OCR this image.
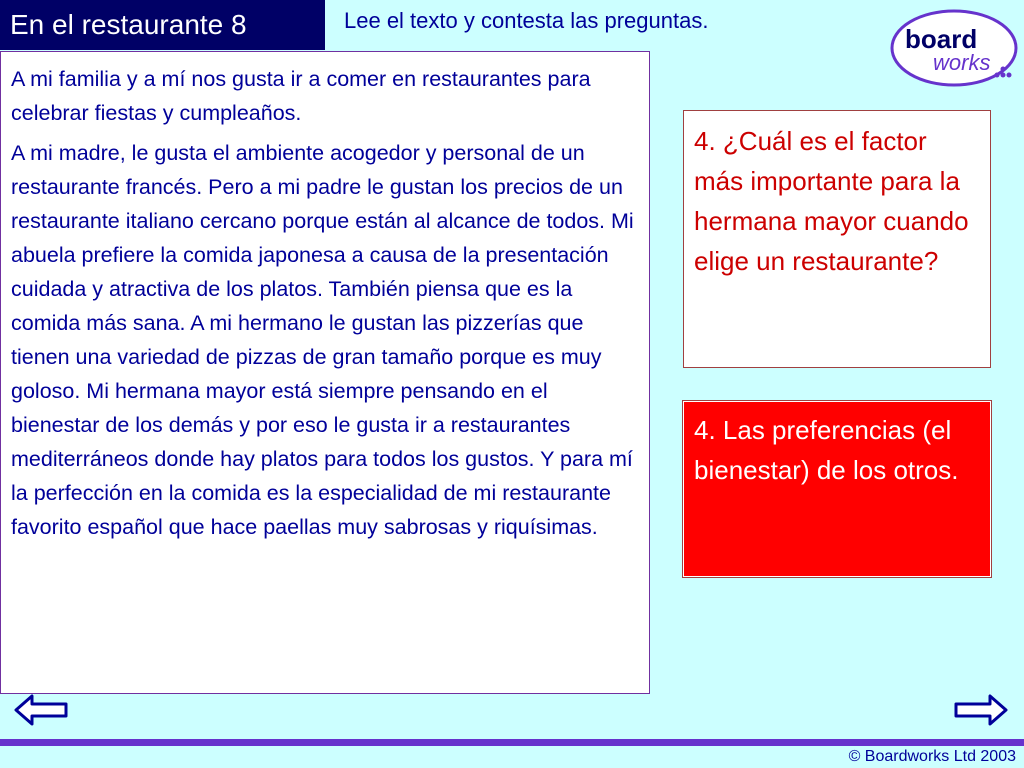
En el restaurante 8	Lee el texto y contesta las preguntas.
board
works

A mi familia y a mí nos gusta ir a comer en restaurantes para celebrar fiestas y cumpleaños.

A mi madre, le gusta el ambiente acogedor y personal de un restaurante francés. Pero a mi padre le gustan los precios de un restaurante italiano cercano porque están al alcance de todos. Mi abuela prefiere la comida japonesa a causa de la presentación cuidada y atractiva de los platos. También piensa que es la comida más sana. A mi hermano le gustan las pizzerías que tienen una variedad de pizzas de gran tamaño porque es muy goloso. Mi hermana mayor está siempre pensando en el bienestar de los demás y por eso le gusta ir a restaurantes mediterráneos donde hay platos para todos los gustos. Y para mí la perfección en la comida es la especialidad de mi restaurante favorito español que hace paellas muy sabrosas y riquísimas.

4. ¿Cuál es el factor más importante para la hermana mayor cuando elige un restaurante?
4. Las preferencias (el bienestar) de los otros.
© Boardworks Ltd 2003
